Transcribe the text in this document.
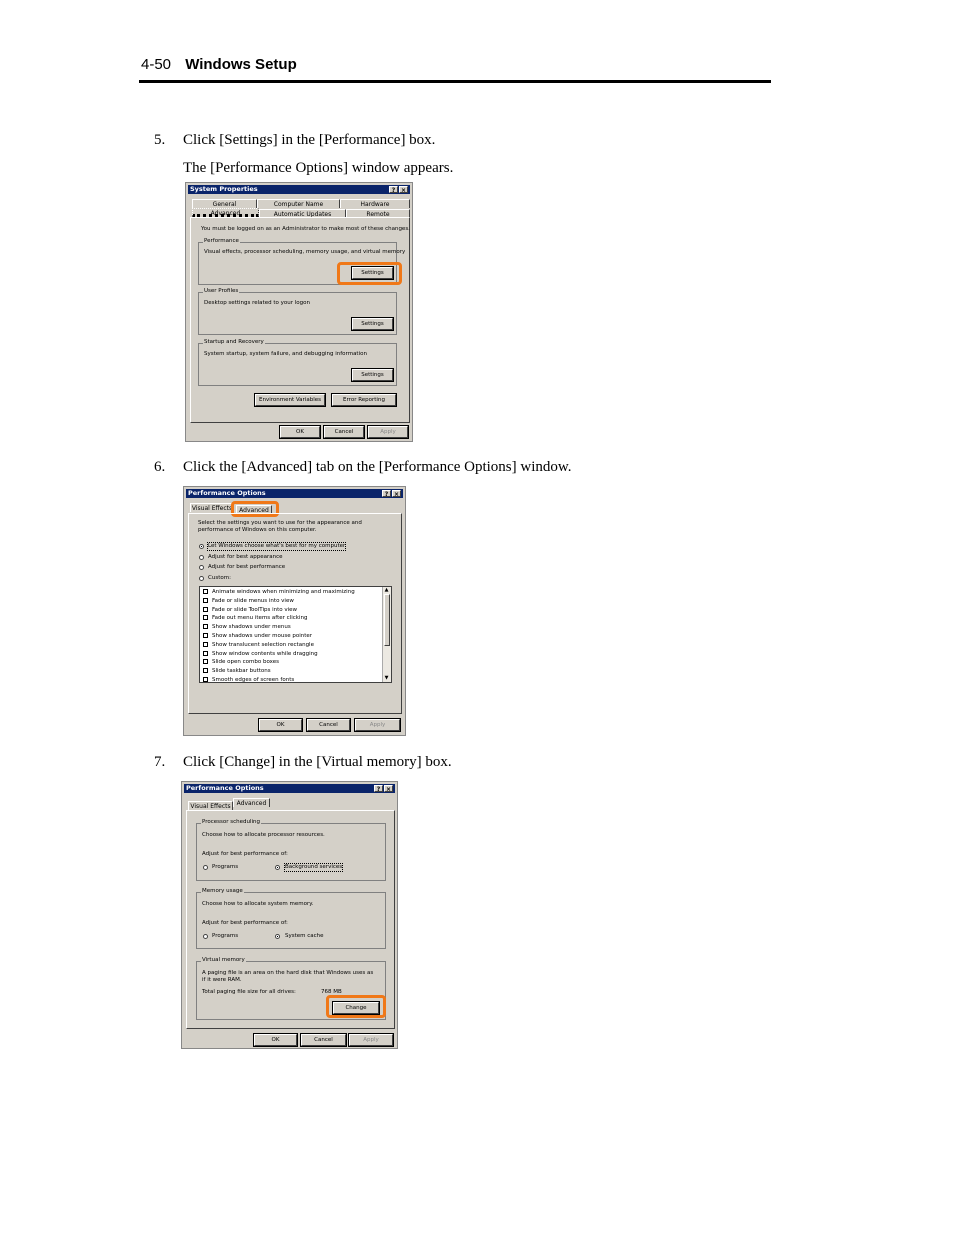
4-50 Windows Setup
5. Click [Settings] in the [Performance] box.
The [Performance Options] window appears.
System Properties	? ×
General	Computer Name	Hardware
Advanced	Automatic Updates	Remote
You must be logged on as an Administrator to make most of these changes.
Performance
Visual effects, processor scheduling, memory usage, and virtual memory
Settings
User Profiles
Desktop settings related to your logon
Settings
Startup and Recovery
System startup, system failure, and debugging information
Settings
Environment Variables	Error Reporting
OK	Cancel	Apply
6. Click the [Advanced] tab on the [Performance Options] window.
Performance Options	? ×
Visual Effects	Advanced
Select the settings you want to use for the appearance and
performance of Windows on this computer.
Let Windows choose what's best for my computer
Adjust for best appearance
Adjust for best performance
Custom:
Animate windows when minimizing and maximizing
Fade or slide menus into view
Fade or slide ToolTips into view
Fade out menu items after clicking
Show shadows under menus
Show shadows under mouse pointer
Show translucent selection rectangle
Show window contents while dragging
Slide open combo boxes
Slide taskbar buttons
Smooth edges of screen fonts
▲
▼
OK	Cancel	Apply
7. Click [Change] in the [Virtual memory] box.
Performance Options	? ×
Visual Effects	Advanced
Processor scheduling
Choose how to allocate processor resources.
Adjust for best performance of:
Programs	Background services
Memory usage
Choose how to allocate system memory.
Adjust for best performance of:
Programs	System cache
Virtual memory
A paging file is an area on the hard disk that Windows uses as
if it were RAM.
Total paging file size for all drives:	768 MB
Change
OK	Cancel	Apply
